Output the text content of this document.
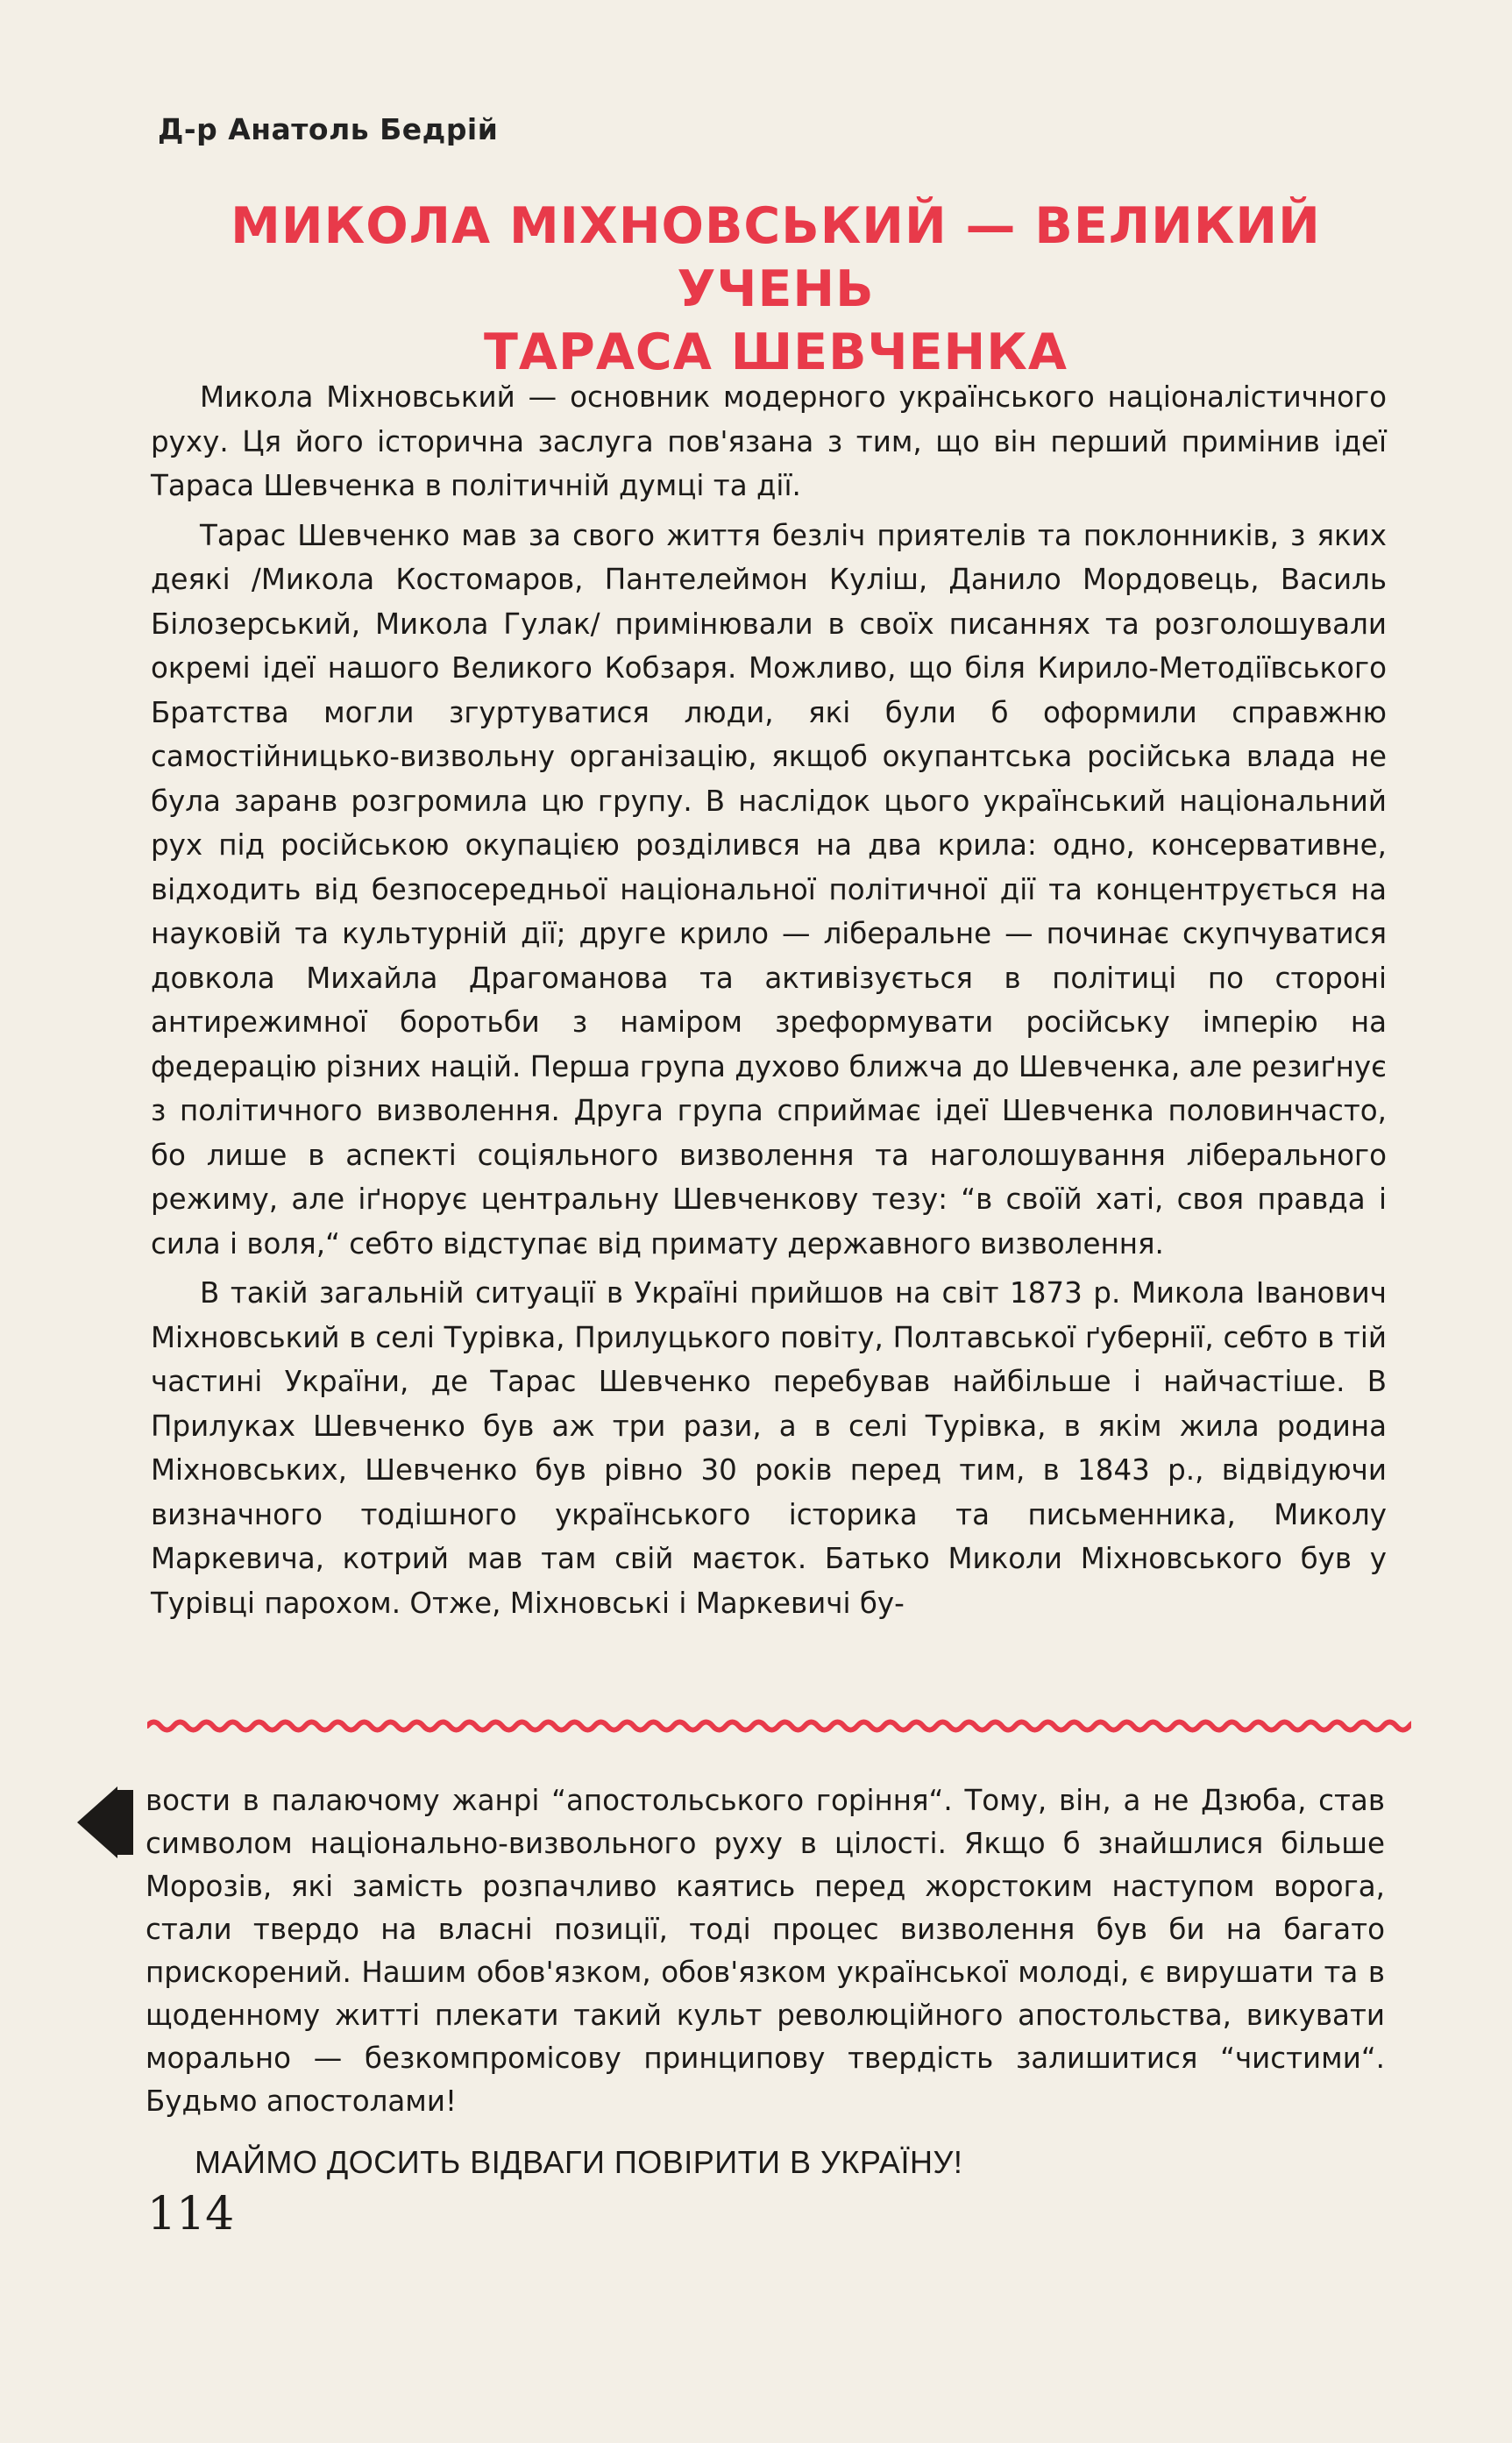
Д-р Анатоль Бедрій
МИКОЛА МІХНОВСЬКИЙ — ВЕЛИКИЙ УЧЕНЬ
ТАРАСА ШЕВЧЕНКА

Микола Міхновський — основник модерного українського націоналістичного руху. Ця його історична заслуга пов'язана з тим, що він перший примінив ідеї Тараса Шевченка в політичній думці та дії.

Тарас Шевченко мав за свого життя безліч приятелів та поклонників, з яких деякі /Микола Костомаров, Пантелеймон Куліш, Данило Мордовець, Василь Білозерський, Микола Гулак/ примінювали в своїх писаннях та розголошували окремі ідеї нашого Великого Кобзаря. Можливо, що біля Кирило-Методіївського Братства могли згуртуватися люди, які були б оформили справжню самостійницько-визвольну організацію, якщоб окупантська російська влада не була заранв розгромила цю групу. В наслідок цього український національний рух під російською окупацією розділився на два крила: одно, консервативне, відходить від безпосередньої національної політичної дії та концентрується на науковій та культурній дії; друге крило — ліберальне — починає скупчуватися довкола Михайла Драгоманова та активізується в політиці по стороні антирежимної боротьби з наміром зреформувати російську імперію на федерацію різних націй. Перша група духово ближча до Шевченка, але резиґнує з політичного визволення. Друга група сприймає ідеї Шевченка половинчасто, бо лише в аспекті соціяльного визволення та наголошування ліберального режиму, але іґнорує центральну Шевченкову тезу: “в своїй хаті, своя правда і сила і воля,“ себто відступає від примату державного визволення.

В такій загальній ситуації в Україні прийшов на світ 1873 р. Микола Іванович Міхновський в селі Турівка, Прилуцького повіту, Полтавської ґубернії, себто в тій частині України, де Тарас Шевченко перебував найбільше і найчастіше. В Прилуках Шевченко був аж три рази, а в селі Турівка, в якім жила родина Міхновських, Шевченко був рівно 30 років перед тим, в 1843 р., відвідуючи визначного тодішного українського історика та письменника, Миколу Маркевича, котрий мав там свій маєток. Батько Миколи Міхновського був у Турівці парохом. Отже, Міхновські і Маркевичі бу-

вости в палаючому жанрі “апостольського горіння“. Тому, він, а не Дзюба, став символом національно-визвольного руху в цілості. Якщо б знайшлися більше Морозів, які замість розпачливо каятись перед жорстоким наступом ворога, стали твердо на власні позиції, тоді процес визволення був би на багато прискорений. Нашим обов'язком, обов'язком української молоді, є вирушати та в щоденному житті плекати такий культ революційного апостольства, викувати морально — безкомпромісову принципову твердість залишитися “чистими“. Будьмо апостолами!

МАЙМО ДОСИТЬ ВІДВАГИ ПОВІРИТИ В УКРАЇНУ!

114
